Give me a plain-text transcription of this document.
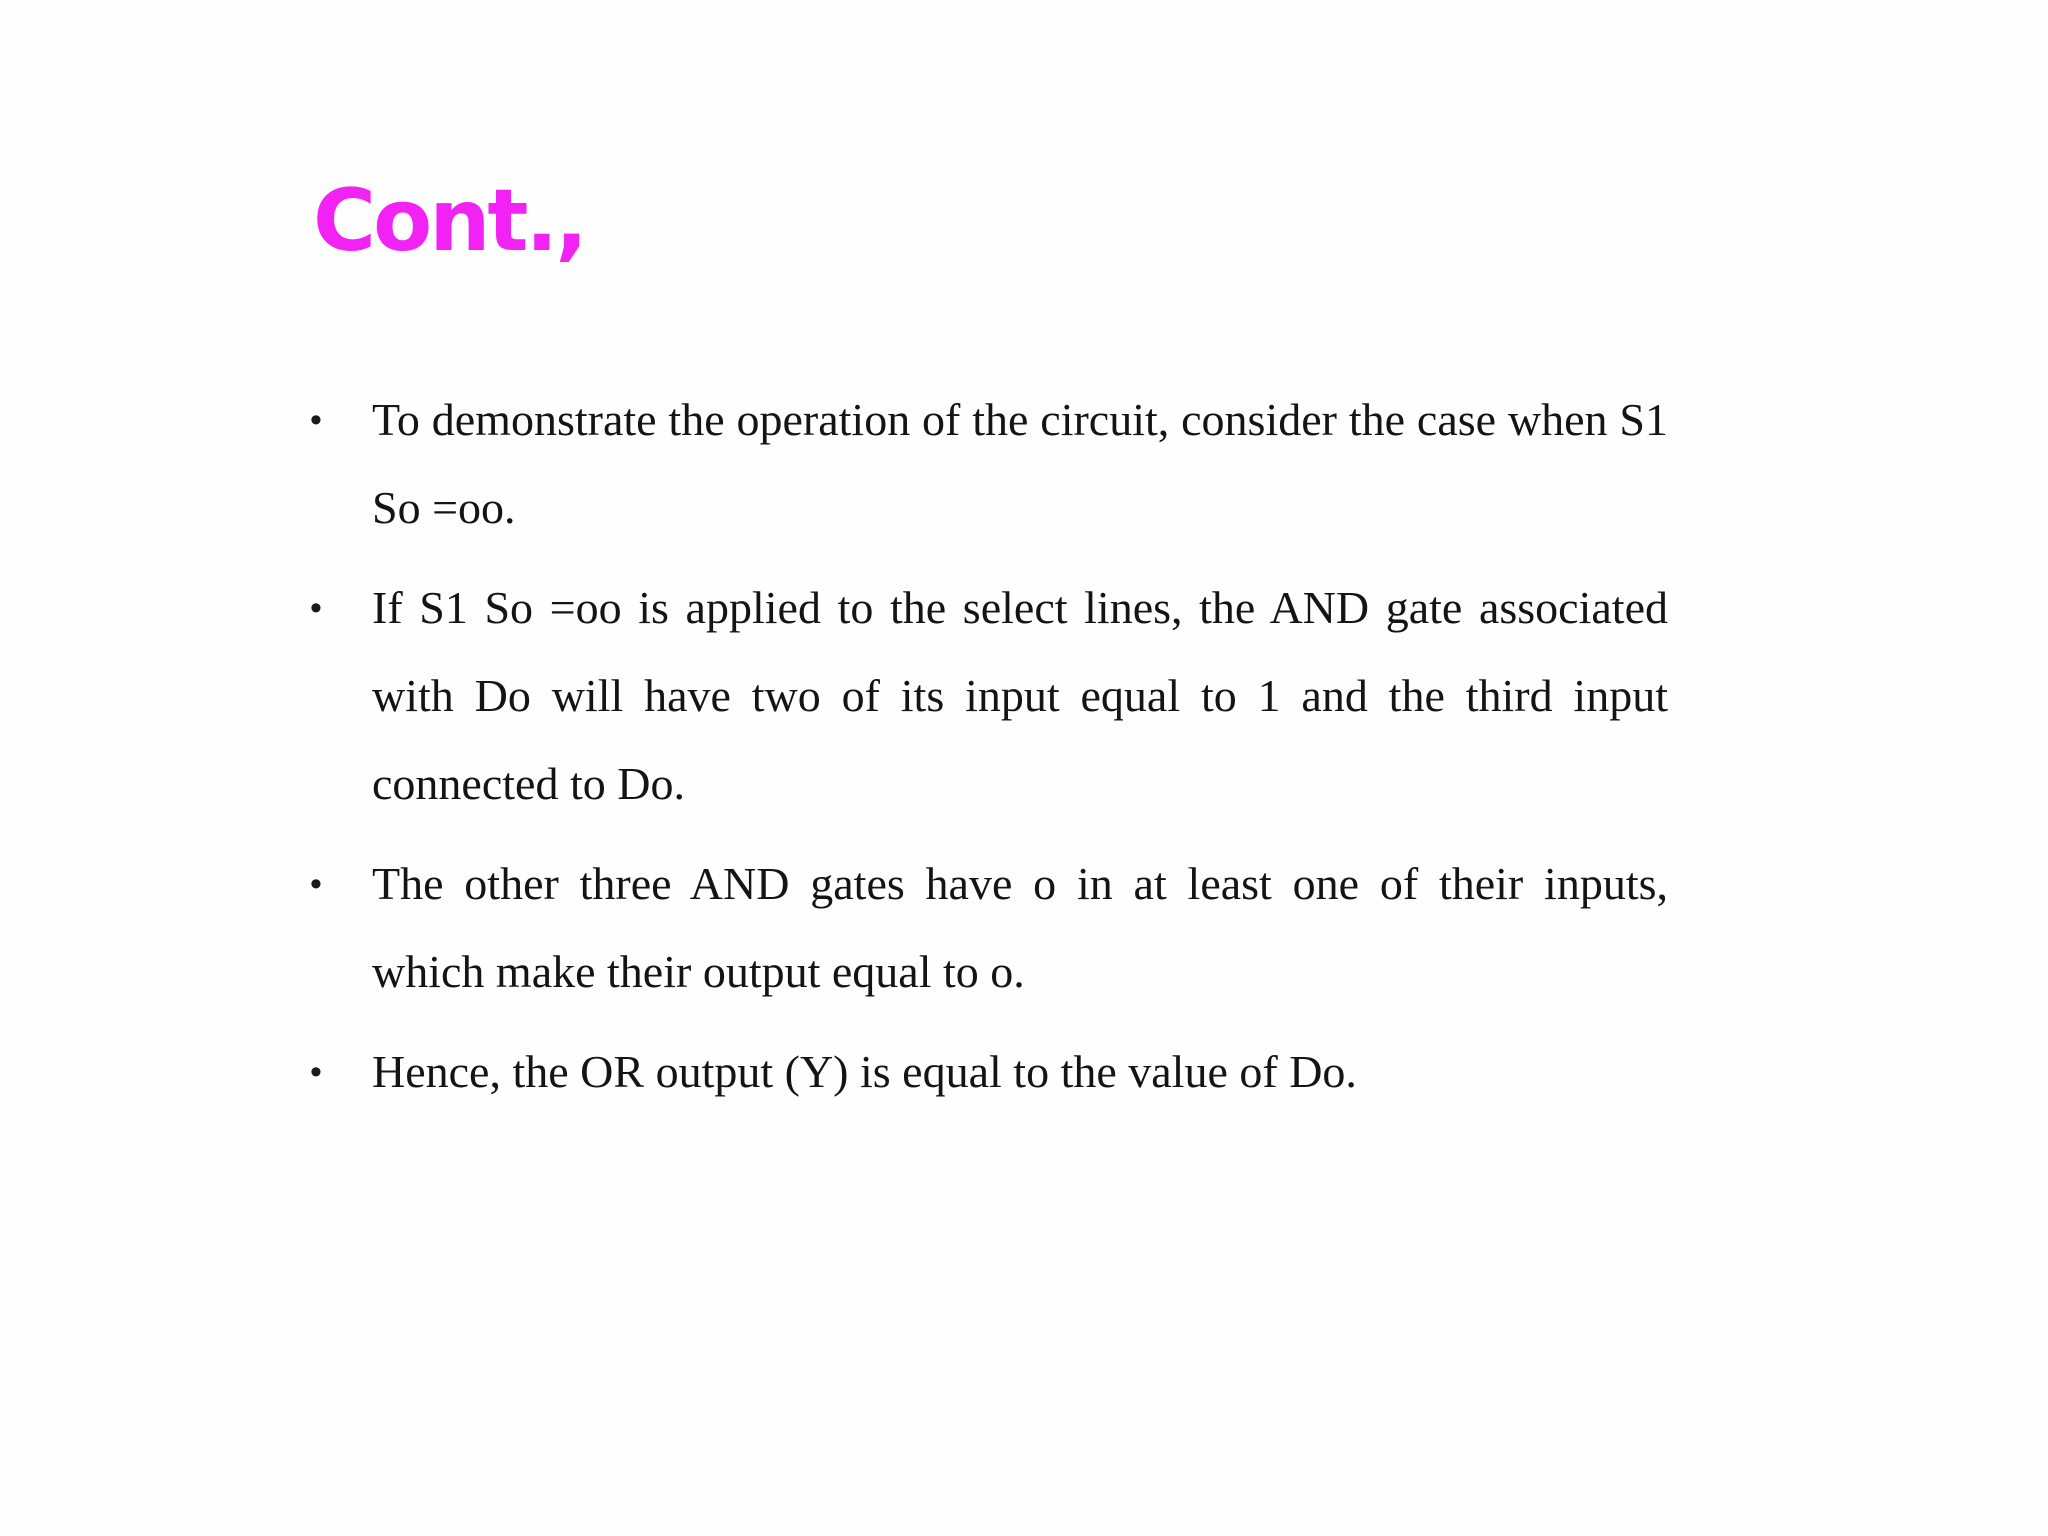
Cont.,
•	To demonstrate the operation of the circuit, consider the case when S1 So =oo.
•	If S1 So =oo is applied to the select lines, the AND gate associated with Do will have two of its input equal to 1 and the third input connected to Do.
•	The other three AND gates have o in at least one of their inputs, which make their output equal to o.
•	Hence, the OR output (Y) is equal to the value of Do.
